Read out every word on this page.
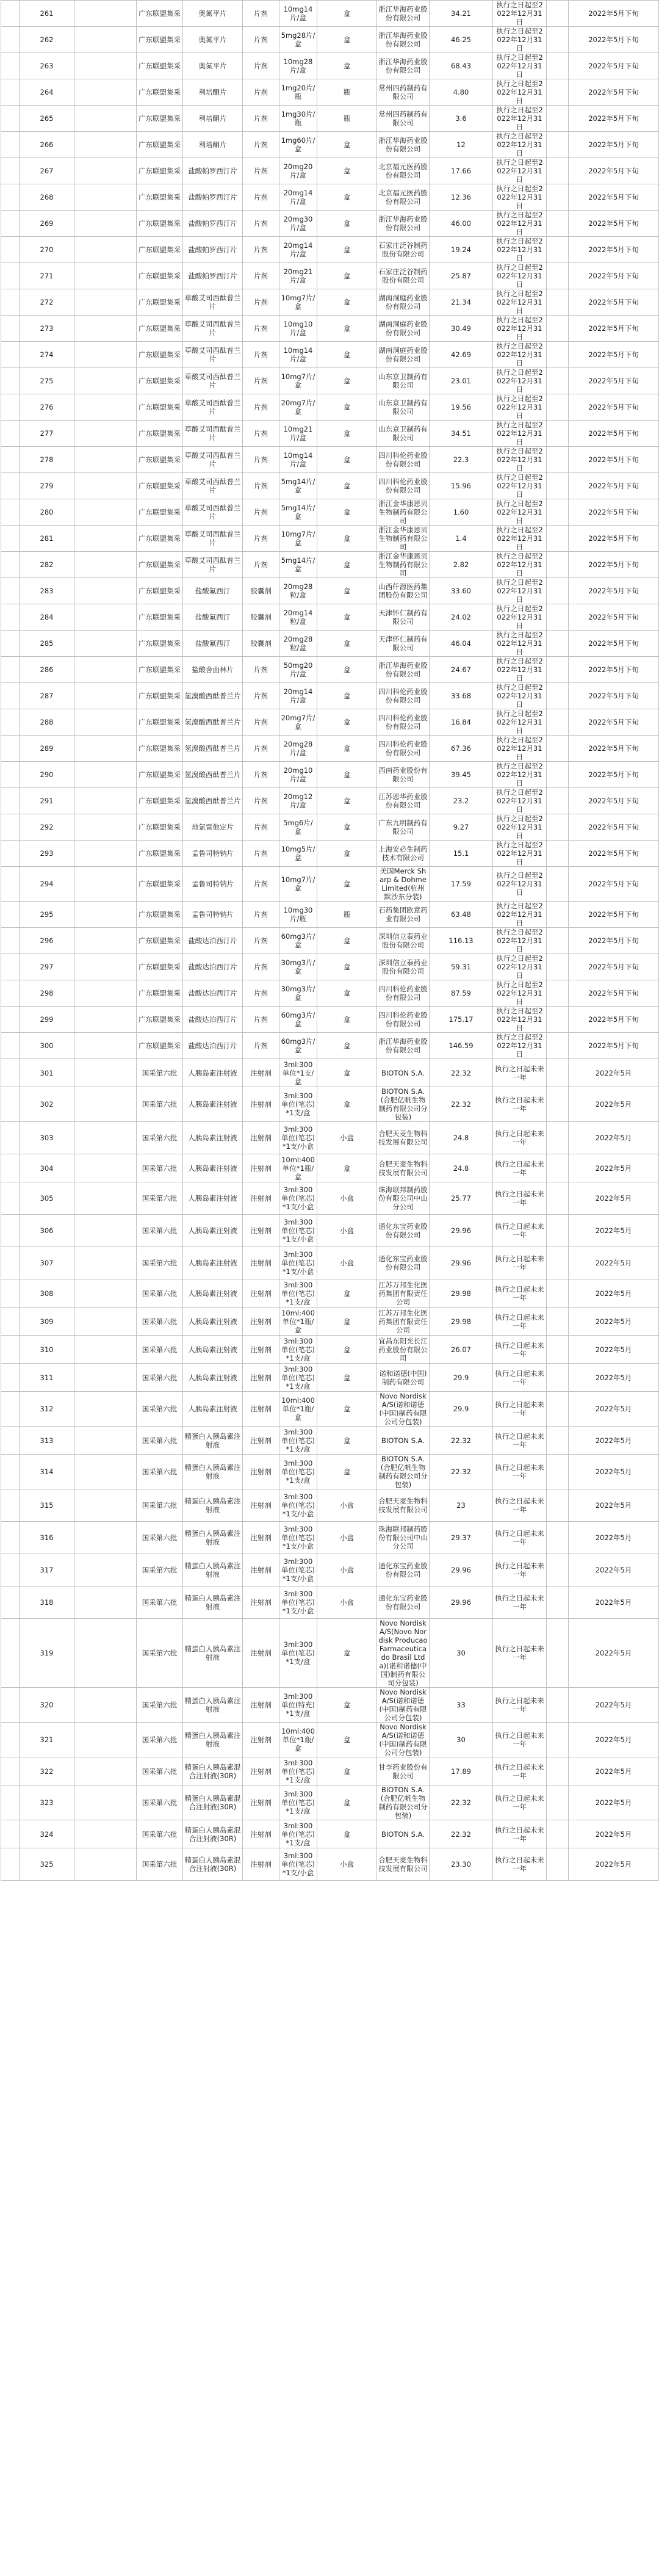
	261		广东联盟集采	奥氮平片	片剂	10mg14片/盒	盒	浙江华海药业股份有限公司	34.21	执行之日起至2022年12月31日		2022年5月下旬
	262		广东联盟集采	奥氮平片	片剂	5mg28片/盒	盒	浙江华海药业股份有限公司	46.25	执行之日起至2022年12月31日		2022年5月下旬
	263		广东联盟集采	奥氮平片	片剂	10mg28片/盒	盒	浙江华海药业股份有限公司	68.43	执行之日起至2022年12月31日		2022年5月下旬
	264		广东联盟集采	利培酮片	片剂	1mg20片/瓶	瓶	常州四药制药有限公司	4.80	执行之日起至2022年12月31日		2022年5月下旬
	265		广东联盟集采	利培酮片	片剂	1mg30片/瓶	瓶	常州四药制药有限公司	3.6	执行之日起至2022年12月31日		2022年5月下旬
	266		广东联盟集采	利培酮片	片剂	1mg60片/盒	盒	浙江华海药业股份有限公司	12	执行之日起至2022年12月31日		2022年5月下旬
	267		广东联盟集采	盐酸帕罗西汀片	片剂	20mg20片/盒	盒	北京福元医药股份有限公司	17.66	执行之日起至2022年12月31日		2022年5月下旬
	268		广东联盟集采	盐酸帕罗西汀片	片剂	20mg14片/盒	盒	北京福元医药股份有限公司	12.36	执行之日起至2022年12月31日		2022年5月下旬
	269		广东联盟集采	盐酸帕罗西汀片	片剂	20mg30片/盒	盒	浙江华海药业股份有限公司	46.00	执行之日起至2022年12月31日		2022年5月下旬
	270		广东联盟集采	盐酸帕罗西汀片	片剂	20mg14片/盒	盒	石家庄泛谷制药股份有限公司	19.24	执行之日起至2022年12月31日		2022年5月下旬
	271		广东联盟集采	盐酸帕罗西汀片	片剂	20mg21片/盒	盒	石家庄泛谷制药股份有限公司	25.87	执行之日起至2022年12月31日		2022年5月下旬
	272		广东联盟集采	草酸艾司西酞普兰片	片剂	10mg7片/盒	盒	湖南洞庭药业股份有限公司	21.34	执行之日起至2022年12月31日		2022年5月下旬
	273		广东联盟集采	草酸艾司西酞普兰片	片剂	10mg10片/盒	盒	湖南洞庭药业股份有限公司	30.49	执行之日起至2022年12月31日		2022年5月下旬
	274		广东联盟集采	草酸艾司西酞普兰片	片剂	10mg14片/盒	盒	湖南洞庭药业股份有限公司	42.69	执行之日起至2022年12月31日		2022年5月下旬
	275		广东联盟集采	草酸艾司西酞普兰片	片剂	10mg7片/盒	盒	山东京卫制药有限公司	23.01	执行之日起至2022年12月31日		2022年5月下旬
	276		广东联盟集采	草酸艾司西酞普兰片	片剂	20mg7片/盒	盒	山东京卫制药有限公司	19.56	执行之日起至2022年12月31日		2022年5月下旬
	277		广东联盟集采	草酸艾司西酞普兰片	片剂	10mg21片/盒	盒	山东京卫制药有限公司	34.51	执行之日起至2022年12月31日		2022年5月下旬
	278		广东联盟集采	草酸艾司西酞普兰片	片剂	10mg14片/盒	盒	四川科伦药业股份有限公司	22.3	执行之日起至2022年12月31日		2022年5月下旬
	279		广东联盟集采	草酸艾司西酞普兰片	片剂	5mg14片/盒	盒	四川科伦药业股份有限公司	15.96	执行之日起至2022年12月31日		2022年5月下旬
	280		广东联盟集采	草酸艾司西酞普兰片	片剂	5mg14片/盒	盒	浙江金华康恩贝生物制药有限公司	1.60	执行之日起至2022年12月31日		2022年5月下旬
	281		广东联盟集采	草酸艾司西酞普兰片	片剂	10mg7片/盒	盒	浙江金华康恩贝生物制药有限公司	1.4	执行之日起至2022年12月31日		2022年5月下旬
	282		广东联盟集采	草酸艾司西酞普兰片	片剂	5mg14片/盒	盒	浙江金华康恩贝生物制药有限公司	2.82	执行之日起至2022年12月31日		2022年5月下旬
	283		广东联盟集采	盐酸氟西汀	胶囊剂	20mg28粒/盒	盒	山西仟源医药集团股份有限公司	33.60	执行之日起至2022年12月31日		2022年5月下旬
	284		广东联盟集采	盐酸氟西汀	胶囊剂	20mg14粒/盒	盒	天津怀仁制药有限公司	24.02	执行之日起至2022年12月31日		2022年5月下旬
	285		广东联盟集采	盐酸氟西汀	胶囊剂	20mg28粒/盒	盒	天津怀仁制药有限公司	46.04	执行之日起至2022年12月31日		2022年5月下旬
	286		广东联盟集采	盐酸舍曲林片	片剂	50mg20片/盒	盒	浙江华海药业股份有限公司	24.67	执行之日起至2022年12月31日		2022年5月下旬
	287		广东联盟集采	氢溴酸西酞普兰片	片剂	20mg14片/盒	盒	四川科伦药业股份有限公司	33.68	执行之日起至2022年12月31日		2022年5月下旬
	288		广东联盟集采	氢溴酸西酞普兰片	片剂	20mg7片/盒	盒	四川科伦药业股份有限公司	16.84	执行之日起至2022年12月31日		2022年5月下旬
	289		广东联盟集采	氢溴酸西酞普兰片	片剂	20mg28片/盒	盒	四川科伦药业股份有限公司	67.36	执行之日起至2022年12月31日		2022年5月下旬
	290		广东联盟集采	氢溴酸西酞普兰片	片剂	20mg10片/盒	盒	西南药业股份有限公司	39.45	执行之日起至2022年12月31日		2022年5月下旬
	291		广东联盟集采	氢溴酸西酞普兰片	片剂	20mg12片/盒	盒	江苏恩华药业股份有限公司	23.2	执行之日起至2022年12月31日		2022年5月下旬
	292		广东联盟集采	地氯雷他定片	片剂	5mg6片/盒	盒	广东九明制药有限公司	9.27	执行之日起至2022年12月31日		2022年5月下旬
	293		广东联盟集采	孟鲁司特钠片	片剂	10mg5片/盒	盒	上海安必生制药技术有限公司	15.1	执行之日起至2022年12月31日		2022年5月下旬
	294		广东联盟集采	孟鲁司特钠片	片剂	10mg7片/盒	盒	美国Merck Sharp & Dohme Limited(杭州默沙东分装)	17.59	执行之日起至2022年12月31日		2022年5月下旬
	295		广东联盟集采	孟鲁司特钠片	片剂	10mg30片/瓶	瓶	石药集团欧意药业有限公司	63.48	执行之日起至2022年12月31日		2022年5月下旬
	296		广东联盟集采	盐酸达泊西汀片	片剂	60mg3片/盒	盒	深圳信立泰药业股份有限公司	116.13	执行之日起至2022年12月31日		2022年5月下旬
	297		广东联盟集采	盐酸达泊西汀片	片剂	30mg3片/盒	盒	深圳信立泰药业股份有限公司	59.31	执行之日起至2022年12月31日		2022年5月下旬
	298		广东联盟集采	盐酸达泊西汀片	片剂	30mg3片/盒	盒	四川科伦药业股份有限公司	87.59	执行之日起至2022年12月31日		2022年5月下旬
	299		广东联盟集采	盐酸达泊西汀片	片剂	60mg3片/盒	盒	四川科伦药业股份有限公司	175.17	执行之日起至2022年12月31日		2022年5月下旬
	300		广东联盟集采	盐酸达泊西汀片	片剂	60mg3片/盒	盒	浙江华海药业股份有限公司	146.59	执行之日起至2022年12月31日		2022年5月下旬
	301		国采第六批	人胰岛素注射液	注射剂	3ml:300单位*1支/盒	盒	BIOTON S.A.	22.32	执行之日起未来一年		2022年5月
	302		国采第六批	人胰岛素注射液	注射剂	3ml:300单位(笔芯)*1支/盒	盒	BIOTON S.A.(合肥亿帆生物制药有限公司分包装)	22.32	执行之日起未来一年		2022年5月
	303		国采第六批	人胰岛素注射液	注射剂	3ml:300单位(笔芯)*1支/小盒	小盒	合肥天麦生物科技发展有限公司	24.8	执行之日起未来一年		2022年5月
	304		国采第六批	人胰岛素注射液	注射剂	10ml:400单位*1瓶/盒	盒	合肥天麦生物科技发展有限公司	24.8	执行之日起未来一年		2022年5月
	305		国采第六批	人胰岛素注射液	注射剂	3ml:300单位(笔芯)*1支/小盒	小盒	珠海联邦制药股份有限公司中山分公司	25.77	执行之日起未来一年		2022年5月
	306		国采第六批	人胰岛素注射液	注射剂	3ml:300单位(笔芯)*1支/小盒	小盒	通化东宝药业股份有限公司	29.96	执行之日起未来一年		2022年5月
	307		国采第六批	人胰岛素注射液	注射剂	3ml:300单位(笔芯)*1支/小盒	小盒	通化东宝药业股份有限公司	29.96	执行之日起未来一年		2022年5月
	308		国采第六批	人胰岛素注射液	注射剂	3ml:300单位(笔芯)*1支/盒	盒	江苏万邦生化医药集团有限责任公司	29.98	执行之日起未来一年		2022年5月
	309		国采第六批	人胰岛素注射液	注射剂	10ml:400单位*1瓶/盒	盒	江苏万邦生化医药集团有限责任公司	29.98	执行之日起未来一年		2022年5月
	310		国采第六批	人胰岛素注射液	注射剂	3ml:300单位(笔芯)*1支/盒	盒	宜昌东阳光长江药业股份有限公司	26.07	执行之日起未来一年		2022年5月
	311		国采第六批	人胰岛素注射液	注射剂	3ml:300单位(笔芯)*1支/盒	盒	诺和诺德(中国)制药有限公司	29.9	执行之日起未来一年		2022年5月
	312		国采第六批	人胰岛素注射液	注射剂	10ml:400单位*1瓶/盒	盒	Novo Nordisk A/S(诺和诺德(中国)制药有限公司分包装)	29.9	执行之日起未来一年		2022年5月
	313		国采第六批	精蛋白人胰岛素注射液	注射剂	3ml:300单位(笔芯)*1支/盒	盒	BIOTON S.A.	22.32	执行之日起未来一年		2022年5月
	314		国采第六批	精蛋白人胰岛素注射液	注射剂	3ml:300单位(笔芯)*1支/盒	盒	BIOTON S.A.(合肥亿帆生物制药有限公司分包装)	22.32	执行之日起未来一年		2022年5月
	315		国采第六批	精蛋白人胰岛素注射液	注射剂	3ml:300单位(笔芯)*1支/小盒	小盒	合肥天麦生物科技发展有限公司	23	执行之日起未来一年		2022年5月
	316		国采第六批	精蛋白人胰岛素注射液	注射剂	3ml:300单位(笔芯)*1支/小盒	小盒	珠海联邦制药股份有限公司中山分公司	29.37	执行之日起未来一年		2022年5月
	317		国采第六批	精蛋白人胰岛素注射液	注射剂	3ml:300单位(笔芯)*1支/小盒	小盒	通化东宝药业股份有限公司	29.96	执行之日起未来一年		2022年5月
	318		国采第六批	精蛋白人胰岛素注射液	注射剂	3ml:300单位(笔芯)*1支/小盒	小盒	通化东宝药业股份有限公司	29.96	执行之日起未来一年		2022年5月
	319		国采第六批	精蛋白人胰岛素注射液	注射剂	3ml:300单位(笔芯)*1支/盒	盒	Novo Nordisk A/S(Novo Nordisk Producao Farmaceutica do Brasil Ltda)(诺和诺德(中国)制药有限公司分包装)	30	执行之日起未来一年		2022年5月
	320		国采第六批	精蛋白人胰岛素注射液	注射剂	3ml:300单位(特充)*1支/盒	盒	Novo Nordisk A/S(诺和诺德(中国)制药有限公司分包装)	33	执行之日起未来一年		2022年5月
	321		国采第六批	精蛋白人胰岛素注射液	注射剂	10ml:400单位*1瓶/盒	盒	Novo Nordisk A/S(诺和诺德(中国)制药有限公司分包装)	30	执行之日起未来一年		2022年5月
	322		国采第六批	精蛋白人胰岛素混合注射液(30R)	注射剂	3ml:300单位(笔芯)*1支/盒	盒	甘李药业股份有限公司	17.89	执行之日起未来一年		2022年5月
	323		国采第六批	精蛋白人胰岛素混合注射液(30R)	注射剂	3ml:300单位(笔芯)*1支/盒	盒	BIOTON S.A.(合肥亿帆生物制药有限公司分包装)	22.32	执行之日起未来一年		2022年5月
	324		国采第六批	精蛋白人胰岛素混合注射液(30R)	注射剂	3ml:300单位(笔芯)*1支/盒	盒	BIOTON S.A.	22.32	执行之日起未来一年		2022年5月
	325		国采第六批	精蛋白人胰岛素混合注射液(30R)	注射剂	3ml:300单位(笔芯)*1支/小盒	小盒	合肥天麦生物科技发展有限公司	23.30	执行之日起未来一年		2022年5月
